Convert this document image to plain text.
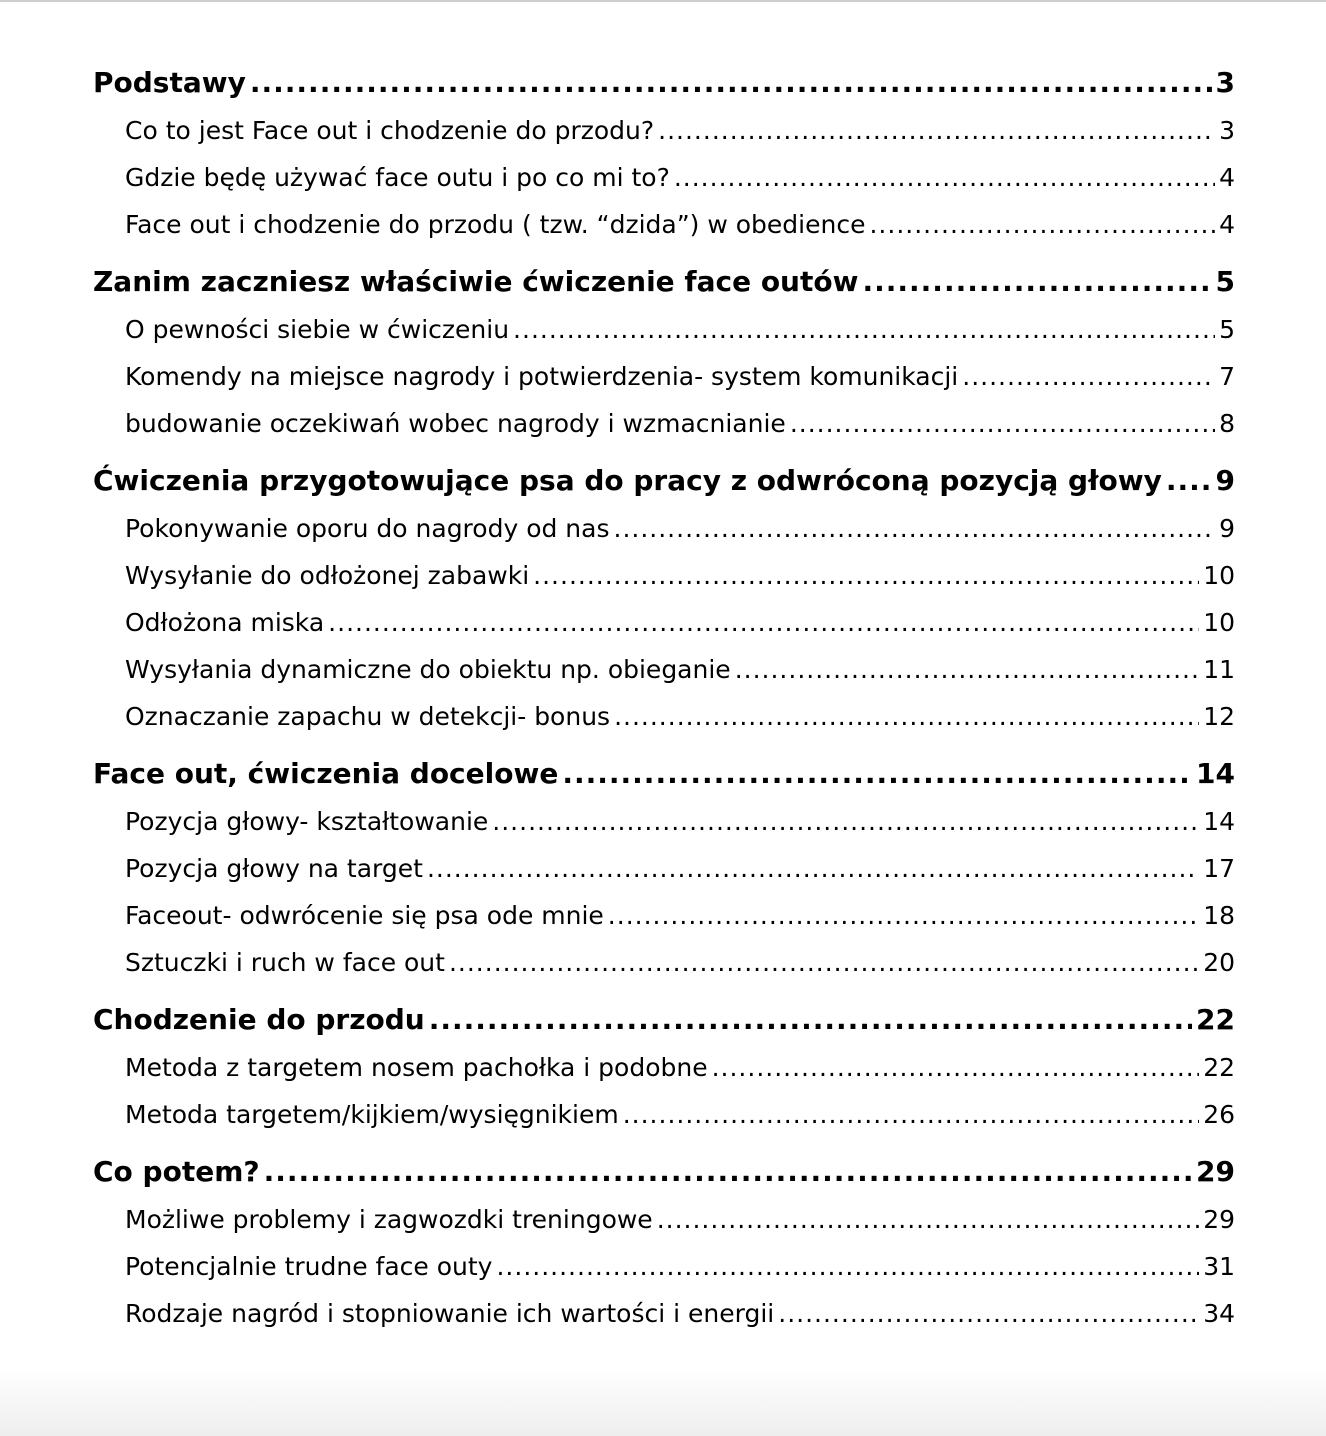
Podstawy .....	3
Co to jest Face out i chodzenie do przodu? .....	3
Gdzie będę używać face outu i po co mi to? .....	4
Face out i chodzenie do przodu ( tzw. “dzida”) w obedience .....	4
Zanim zaczniesz właściwie ćwiczenie face outów .....	5
O pewności siebie w ćwiczeniu .....	5
Komendy na miejsce nagrody i potwierdzenia- system komunikacji .....	7
budowanie oczekiwań wobec nagrody i wzmacnianie .....	8
Ćwiczenia przygotowujące psa do pracy z odwróconą pozycją głowy ..... 9
Pokonywanie oporu do nagrody od nas .....	9
Wysyłanie do odłożonej zabawki .....	10
Odłożona miska .....	10
Wysyłania dynamiczne do obiektu np. obieganie .....	11
Oznaczanie zapachu w detekcji- bonus .....	12
Face out, ćwiczenia docelowe .....	14
Pozycja głowy- kształtowanie .....	14
Pozycja głowy na target .....	17
Faceout- odwrócenie się psa ode mnie .....	18
Sztuczki i ruch w face out .....	20
Chodzenie do przodu .....	22
Metoda z targetem nosem pachołka i podobne .....	22
Metoda targetem/kijkiem/wysięgnikiem .....	26
Co potem? .....	29
Możliwe problemy i zagwozdki treningowe .....	29
Potencjalnie trudne face outy .....	31
Rodzaje nagród i stopniowanie ich wartości i energii .....	34
